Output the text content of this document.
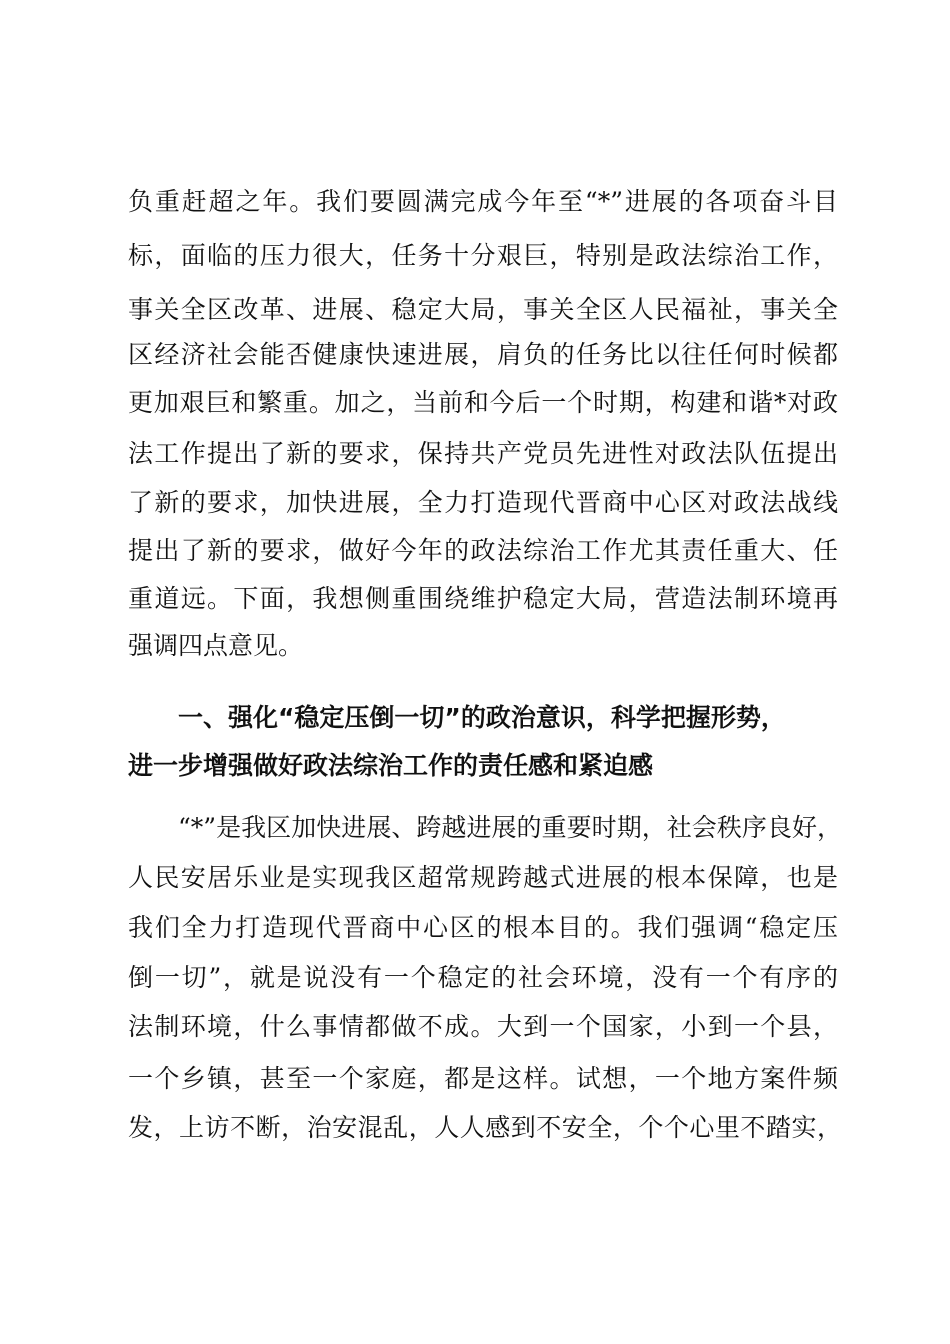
负重赶超之年。我们要圆满完成今年至“*”进展的各项奋斗目

标，面临的压力很大，任务十分艰巨，特别是政法综治工作，

事关全区改革、进展、稳定大局，事关全区人民福祉，事关全

区经济社会能否健康快速进展，肩负的任务比以往任何时候都

更加艰巨和繁重。加之，当前和今后一个时期，构建和谐*对政

法工作提出了新的要求，保持共产党员先进性对政法队伍提出

了新的要求，加快进展，全力打造现代晋商中心区对政法战线

提出了新的要求，做好今年的政法综治工作尤其责任重大、任

重道远。下面，我想侧重围绕维护稳定大局，营造法制环境再

强调四点意见。

一、强化“稳定压倒一切”的政治意识，科学把握形势，

进一步增强做好政法综治工作的责任感和紧迫感

“*”是我区加快进展、跨越进展的重要时期，社会秩序良好，

人民安居乐业是实现我区超常规跨越式进展的根本保障，也是

我们全力打造现代晋商中心区的根本目的。我们强调“稳定压

倒一切”，就是说没有一个稳定的社会环境，没有一个有序的

法制环境，什么事情都做不成。大到一个国家，小到一个县，

一个乡镇，甚至一个家庭，都是这样。试想，一个地方案件频

发，上访不断，治安混乱，人人感到不安全，个个心里不踏实，
